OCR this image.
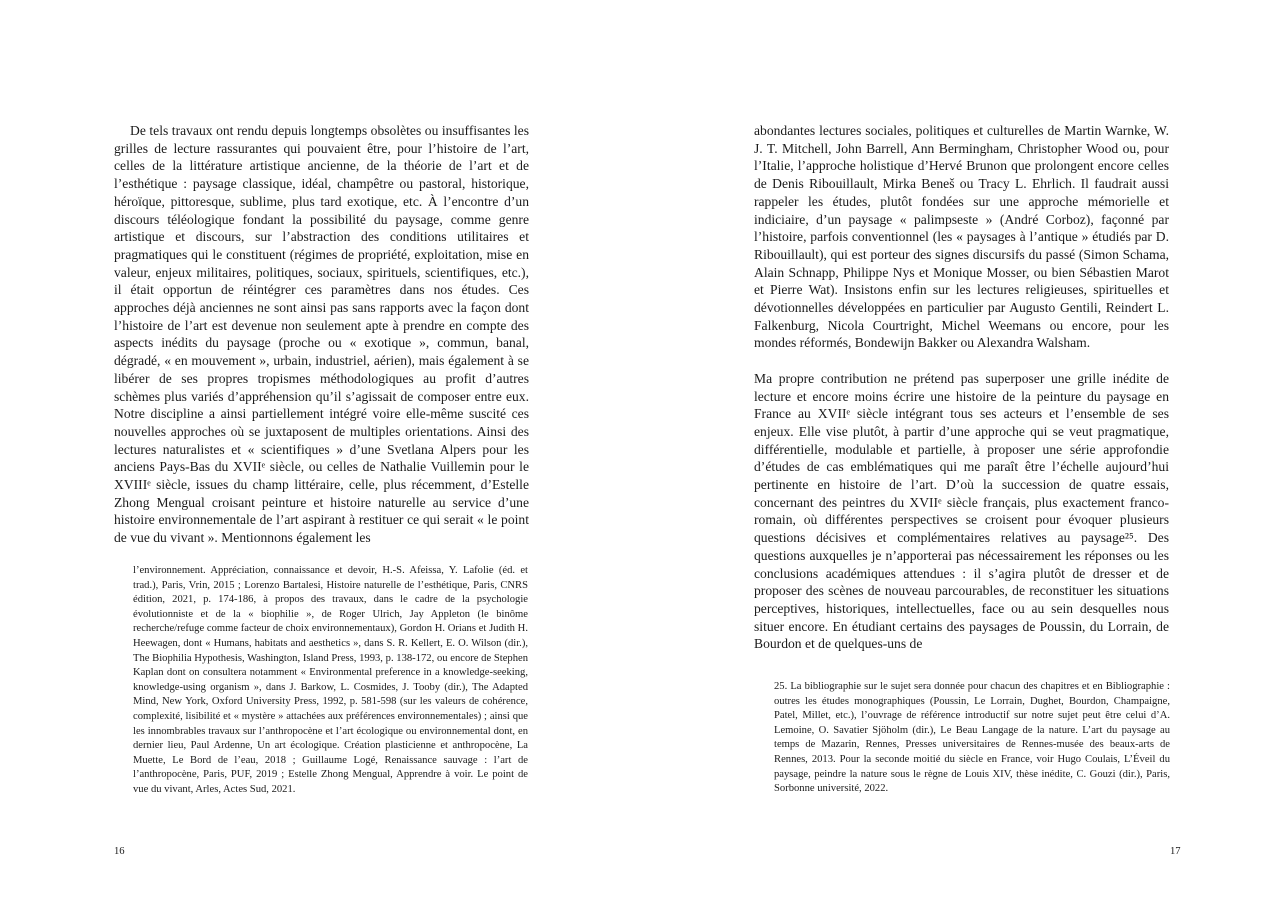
De tels travaux ont rendu depuis longtemps obsolètes ou insuffisantes les grilles de lecture rassurantes qui pouvaient être, pour l’histoire de l’art, celles de la littérature artistique ancienne, de la théorie de l’art et de l’esthétique : paysage classique, idéal, champêtre ou pastoral, historique, héroïque, pittoresque, sublime, plus tard exotique, etc. À l’encontre d’un discours téléologique fondant la possibilité du paysage, comme genre artistique et discours, sur l’abstraction des conditions utilitaires et pragmatiques qui le constituent (régimes de propriété, exploitation, mise en valeur, enjeux militaires, politiques, sociaux, spirituels, scientifiques, etc.), il était opportun de réintégrer ces paramètres dans nos études. Ces approches déjà anciennes ne sont ainsi pas sans rapports avec la façon dont l’histoire de l’art est devenue non seulement apte à prendre en compte des aspects inédits du paysage (proche ou « exotique », commun, banal, dégradé, « en mouvement », urbain, industriel, aérien), mais également à se libérer de ses propres tropismes méthodologiques au profit d’autres schèmes plus variés d’appréhension qu’il s’agissait de composer entre eux. Notre discipline a ainsi partiellement intégré voire elle-même suscité ces nouvelles approches où se juxtaposent de multiples orientations. Ainsi des lectures naturalistes et « scientifiques » d’une Svetlana Alpers pour les anciens Pays-Bas du XVIIᵉ siècle, ou celles de Nathalie Vuillemin pour le XVIIIᵉ siècle, issues du champ littéraire, celle, plus récemment, d’Estelle Zhong Mengual croisant peinture et histoire naturelle au service d’une histoire environnementale de l’art aspirant à restituer ce qui serait « le point de vue du vivant ». Mentionnons également les

l’environnement. Appréciation, connaissance et devoir, H.-S. Afeissa, Y. Lafolie (éd. et trad.), Paris, Vrin, 2015 ; Lorenzo Bartalesi, Histoire naturelle de l’esthétique, Paris, CNRS édition, 2021, p. 174-186, à propos des travaux, dans le cadre de la psychologie évolutionniste et de la « biophilie », de Roger Ulrich, Jay Appleton (le binôme recherche/refuge comme facteur de choix environnementaux), Gordon H. Orians et Judith H. Heewagen, dont « Humans, habitats and aesthetics », dans S. R. Kellert, E. O. Wilson (dir.), The Biophilia Hypothesis, Washington, Island Press, 1993, p. 138-172, ou encore de Stephen Kaplan dont on consultera notamment « Environmental preference in a knowledge-seeking, knowledge-using organism », dans J. Barkow, L. Cosmides, J. Tooby (dir.), The Adapted Mind, New York, Oxford University Press, 1992, p. 581-598 (sur les valeurs de cohérence, complexité, lisibilité et « mystère » attachées aux préférences environnementales) ; ainsi que les innombrables travaux sur l’anthropocène et l’art écologique ou environnemental dont, en dernier lieu, Paul Ardenne, Un art écologique. Création plasticienne et anthropocène, La Muette, Le Bord de l’eau, 2018 ; Guillaume Logé, Renaissance sauvage : l’art de l’anthropocène, Paris, PUF, 2019 ; Estelle Zhong Mengual, Apprendre à voir. Le point de vue du vivant, Arles, Actes Sud, 2021.

16

abondantes lectures sociales, politiques et culturelles de Martin Warnke, W. J. T. Mitchell, John Barrell, Ann Bermingham, Christopher Wood ou, pour l’Italie, l’approche holistique d’Hervé Brunon que prolongent encore celles de Denis Ribouillault, Mirka Beneš ou Tracy L. Ehrlich. Il faudrait aussi rappeler les études, plutôt fondées sur une approche mémorielle et indiciaire, d’un paysage « palimpseste » (André Corboz), façonné par l’histoire, parfois conventionnel (les « paysages à l’antique » étudiés par D. Ribouillault), qui est porteur des signes discursifs du passé (Simon Schama, Alain Schnapp, Philippe Nys et Monique Mosser, ou bien Sébastien Marot et Pierre Wat). Insistons enfin sur les lectures religieuses, spirituelles et dévotionnelles développées en particulier par Augusto Gentili, Reindert L. Falkenburg, Nicola Courtright, Michel Weemans ou encore, pour les mondes réformés, Bondewijn Bakker ou Alexandra Walsham.

Ma propre contribution ne prétend pas superposer une grille inédite de lecture et encore moins écrire une histoire de la peinture du paysage en France au XVIIᵉ siècle intégrant tous ses acteurs et l’ensemble de ses enjeux. Elle vise plutôt, à partir d’une approche qui se veut pragmatique, différentielle, modulable et partielle, à proposer une série approfondie d’études de cas emblématiques qui me paraît être l’échelle aujourd’hui pertinente en histoire de l’art. D’où la succession de quatre essais, concernant des peintres du XVIIᵉ siècle français, plus exactement franco-romain, où différentes perspectives se croisent pour évoquer plusieurs questions décisives et complémentaires relatives au paysage²⁵. Des questions auxquelles je n’apporterai pas nécessairement les réponses ou les conclusions académiques attendues : il s’agira plutôt de dresser et de proposer des scènes de nouveau parcourables, de reconstituer les situations perceptives, historiques, intellectuelles, face ou au sein desquelles nous situer encore. En étudiant certains des paysages de Poussin, du Lorrain, de Bourdon et de quelques-uns de

25. La bibliographie sur le sujet sera donnée pour chacun des chapitres et en Bibliographie : outres les études monographiques (Poussin, Le Lorrain, Dughet, Bourdon, Champaigne, Patel, Millet, etc.), l’ouvrage de référence introductif sur notre sujet peut être celui d’A. Lemoine, O. Savatier Sjöholm (dir.), Le Beau Langage de la nature. L’art du paysage au temps de Mazarin, Rennes, Presses universitaires de Rennes-musée des beaux-arts de Rennes, 2013. Pour la seconde moitié du siècle en France, voir Hugo Coulais, L’Éveil du paysage, peindre la nature sous le règne de Louis XIV, thèse inédite, C. Gouzi (dir.), Paris, Sorbonne université, 2022.

17
